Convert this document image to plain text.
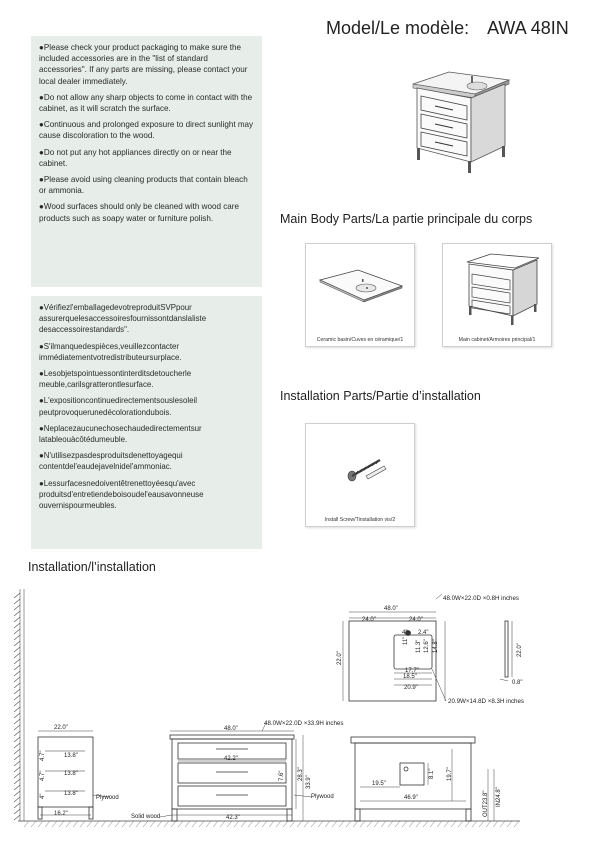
Model/Le modèle: AWA 48IN

●Please check your product packaging to make sure the included accessories are in the "list of standard accessories". If any parts are missing, please contact your local dealer immediately.

●Do not allow any sharp objects to come in contact with the cabinet, as it will scratch the surface.

●Continuous and prolonged exposure to direct sunlight may cause discoloration to the wood.

●Do not put any hot appliances directly on or near the cabinet.

●Please avoid using cleaning products that contain bleach or ammonia.

●Wood surfaces should only be cleaned with wood care products such as soapy water or furniture polish.

●Vérifiezl'emballagedevotreproduitSVPpour assurerquelesaccessoiresfournissontdanslaliste desaccessoirestandards".

●S'ilmanquedespièces,veuillezcontacter immédiatementvotredistributeursurplace.

●Lesobjetspointuessontinterditsdetoucherle meuble,carilsgratterontlesurface.

●L'expositioncontinuedirectementsouslesoleil peutprovoquerunedécolorationdubois.

●Neplacezaucunechosechaudedirectementsur latableouàcôtédumeuble.

●N'utilisezpasdesproduitsdenettoyagequi contentdel'eaudejavelnidel'ammoniac.

●Lessurfacesnedoiventêtrenettoyéesqu'avec produitsd'entretiendeboisoudel'eausavonneuse ouvernispourmeubles.

Main Body Parts/La partie principale du corps
Ceramic basin/Cuves en céramique/1	Main cabinet/Armoires principal/1
Installation Parts/Partie d’installation
Install Screw/Tinstallation vis/2
Installation/l’installation
48.0W×22.0D ×0.8H inches
48.0"
24.0"	24.0"
4" 2.4"
22.0"
11"	14.8"
12.6"
11.3"
17.7"
18.5"
20.9"
20.9W×14.8D ×8.3H inches
22.0"
0.8"
22.0"
13.8"
13.8"
13.8"
4.7"
4.7"
4"
16.2"
Plywood
Solid wood
48.0W×22.0D ×33.9H inches
48.0"
42.2"
42.3"
7.6" 28.3"
33.9"
Plywood
19.5"
46.9"
19.7"
8.1"
OUT23.8" IN24.8"
